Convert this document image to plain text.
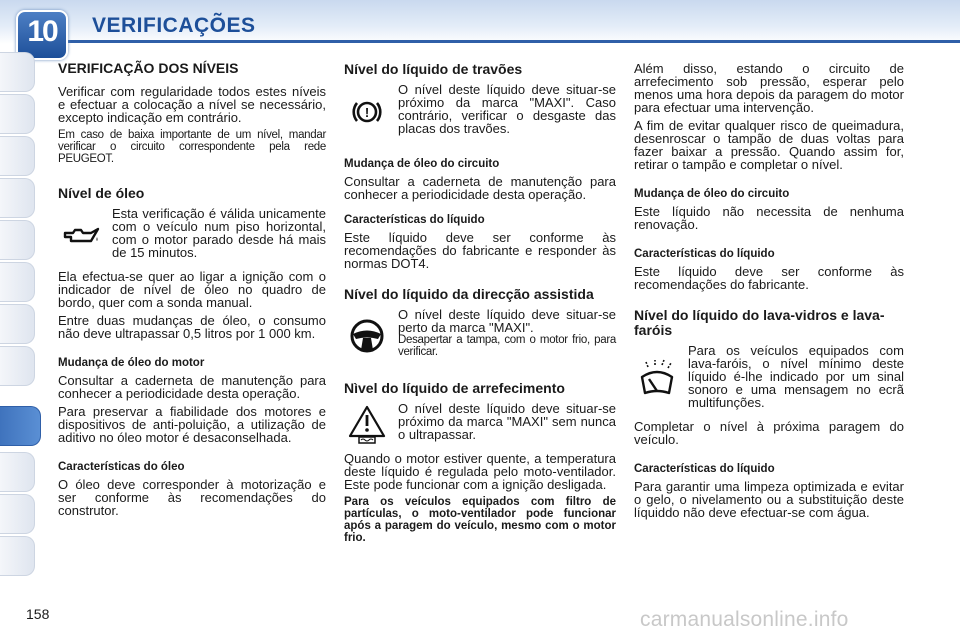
10	VERIFICAÇÕES
VERIFICAÇÃO DOS NÍVEIS

Verificar com regularidade todos estes níveis e efectuar a colocação a nível se necessário, excepto indicação em contrário.

Em caso de baixa importante de um nível, mandar verificar o circuito correspondente pela rede PEUGEOT.

Nível de óleo

Esta verificação é válida unicamente com o veículo num piso horizontal, com o motor parado desde há mais de 15 minutos.

Ela efectua-se quer ao ligar a ignição com o indicador de nível de óleo no quadro de bordo, quer com a sonda manual.

Entre duas mudanças de óleo, o consumo não deve ultrapassar 0,5 litros por 1 000 km.

Mudança de óleo do motor

Consultar a caderneta de manutenção para conhecer a periodicidade desta operação.

Para preservar a fiabilidade dos motores e dispositivos de anti-poluição, a utilização de aditivo no óleo motor é desaconselhada.

Características do óleo

O óleo deve corresponder à motorização e ser conforme às recomendações do construtor.

Nível do líquido de travões
!

O nível deste líquido deve situar-se próximo da marca "MAXI". Caso contrário, verificar o desgaste das placas dos travões.

Mudança de óleo do circuito

Consultar a caderneta de manutenção para conhecer a periodicidade desta operação.

Características do líquido

Este líquido deve ser conforme às recomendações do fabricante e responder às normas DOT4.

Nível do líquido da direcção assistida

O nível deste líquido deve situar-se perto da marca "MAXI".

Desapertar a tampa, com o motor frio, para verificar.

Nìvel do líquido de arrefecimento

O nível deste líquido deve situar-se próximo da marca "MAXI" sem nunca o ultrapassar.

Quando o motor estiver quente, a temperatura deste líquido é regulada pelo moto-ventilador. Este pode funcionar com a ignição desligada.

Para os veículos equipados com filtro de partículas, o moto-ventilador pode funcionar após a paragem do veículo, mesmo com o motor frio.

Além disso, estando o circuito de arrefecimento sob pressão, esperar pelo menos uma hora depois da paragem do motor para efectuar uma intervenção.

A fim de evitar qualquer risco de queimadura, desenroscar o tampão de duas voltas para fazer baixar a pressão. Quando assim for, retirar o tampão e completar o nível.

Mudança de óleo do circuito

Este líquido não necessita de nenhuma renovação.

Características do líquido

Este líquido deve ser conforme às recomendações do fabricante.

Nível do líquido do lava-vidros e lava-faróis

Para os veículos equipados com lava-faróis, o nível mínimo deste líquido é-lhe indicado por um sinal sonoro e uma mensagem no ecrã multifunções.

Completar o nível à próxima paragem do veículo.

Características do líquido

Para garantir uma limpeza optimizada e evitar o gelo, o nivelamento ou a substituição deste líquiddo não deve efectuar-se com água.

158	carmanualsonline.info
